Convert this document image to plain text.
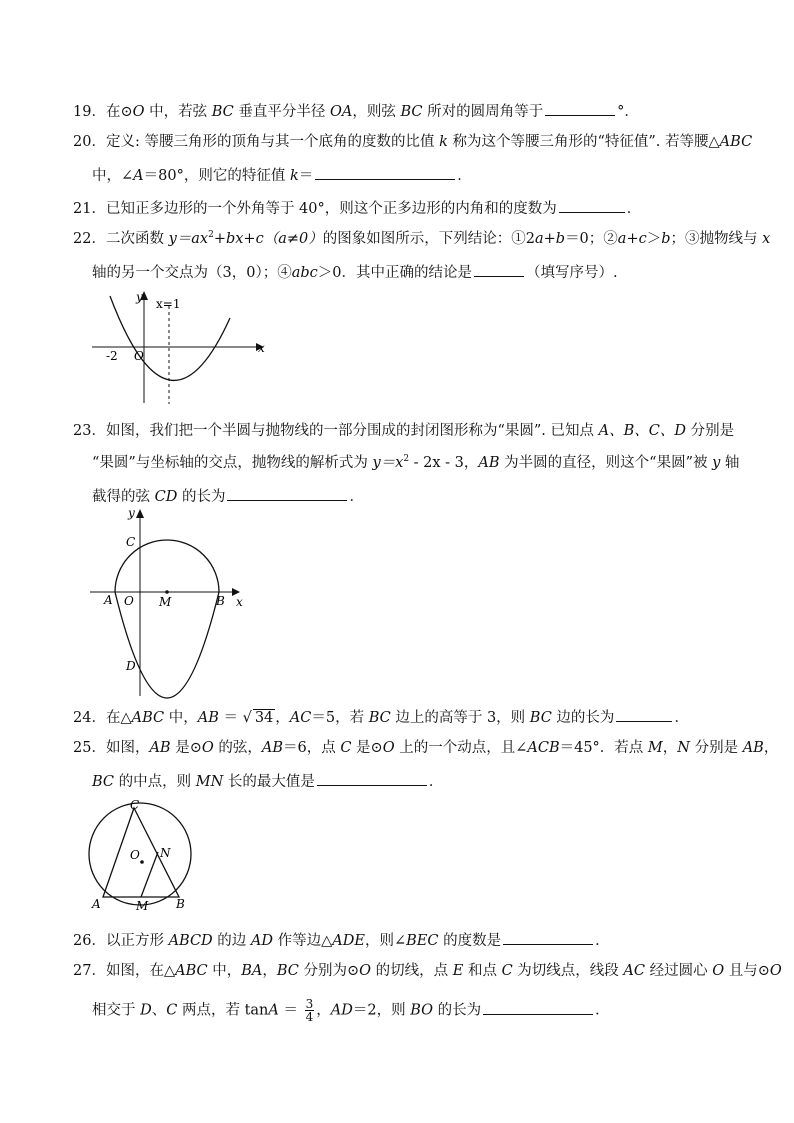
19．在⊙O 中，若弦 BC 垂直平分半径 OA，则弦 BC 所对的圆周角等于	°．
20．定义: 等腰三角形的顶角与其一个底角的度数的比值 k 称为这个等腰三角形的“特征值”. 若等腰△ABC
中，∠A＝80°，则它的特征值 k＝	．
21．已知正多边形的一个外角等于 40°，则这个正多边形的内角和的度数为	．
22．二次函数 $y=ax^2+bx+c(a\ne 0)$的图象如图所示，下列结论：①2a+b＝0；②a+c＞b；③抛物线与 x
轴的另一个交点为（3，0）；④abc＞0．其中正确的结论是	（填写序号）.
y
x
x=1
-2 O
23．如图，我们把一个半圆与抛物线的一部分围成的封闭图形称为“果圆”. 已知点 A、B、C、D 分别是
“果圆”与坐标轴的交点，抛物线的解析式为 $y=x^2 - 2x - 3$，AB 为半圆的直径，则这个“果圆”被 y 轴
截得的弦 CD 的长为	．
y
x
C
A O M	B
D
24．在△ABC 中，AB ＝ √ 34 ，AC＝5，若 BC 边上的高等于 3，则 BC 边的长为	．
25．如图，AB 是⊙O 的弦，AB＝6，点 C 是⊙O 上的一个动点，且∠ACB＝45°．若点 M，N 分别是 AB，
BC 的中点，则 MN 长的最大值是	．
C
O N
A	M B
26．以正方形 ABCD 的边 AD 作等边△ADE，则∠BEC 的度数是	．
27．如图，在△ABC 中，BA，BC 分别为⊙O 的切线，点 E 和点 C 为切线点，线段 AC 经过圆心 O 且与⊙O
相交于 D、C 两点，若 $\tan A = \frac{3}{4}$ ，AD＝2，则 BO 的长为	．
